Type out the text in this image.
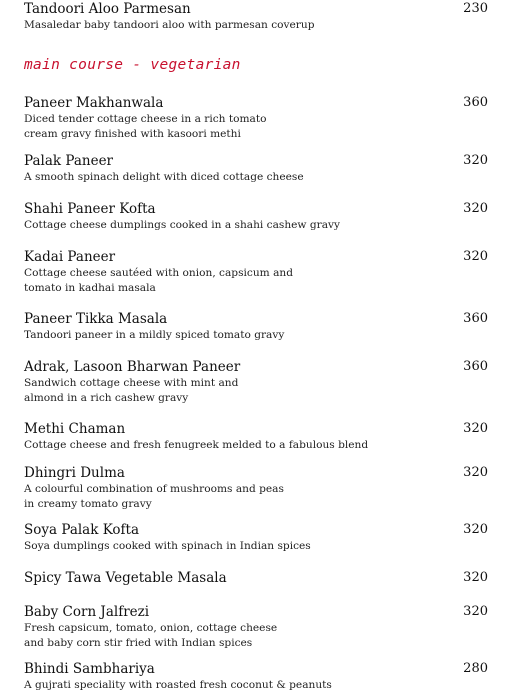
main course - vegetarian
Tandoori Aloo Parmesan
Masaledar baby tandoori aloo with parmesan coverup
230
Paneer Makhanwala
Diced tender cottage cheese in a rich tomato
cream gravy finished with kasoori methi
360
Palak Paneer
A smooth spinach delight with diced cottage cheese
320
Shahi Paneer Kofta
Cottage cheese dumplings cooked in a shahi cashew gravy
320
Kadai Paneer
Cottage cheese sautéed with onion, capsicum and
tomato in kadhai masala
320
Paneer Tikka Masala
Tandoori paneer in a mildly spiced tomato gravy
360
Adrak, Lasoon Bharwan Paneer
Sandwich cottage cheese with mint and
almond in a rich cashew gravy
360
Methi Chaman
Cottage cheese and fresh fenugreek melded to a fabulous blend
320
Dhingri Dulma
A colourful combination of mushrooms and peas
in creamy tomato gravy
320
Soya Palak Kofta
Soya dumplings cooked with spinach in Indian spices
320
Spicy Tawa Vegetable Masala	320
Baby Corn Jalfrezi
Fresh capsicum, tomato, onion, cottage cheese
and baby corn stir fried with Indian spices
320
Bhindi Sambhariya
A gujrati speciality with roasted fresh coconut & peanuts
280
